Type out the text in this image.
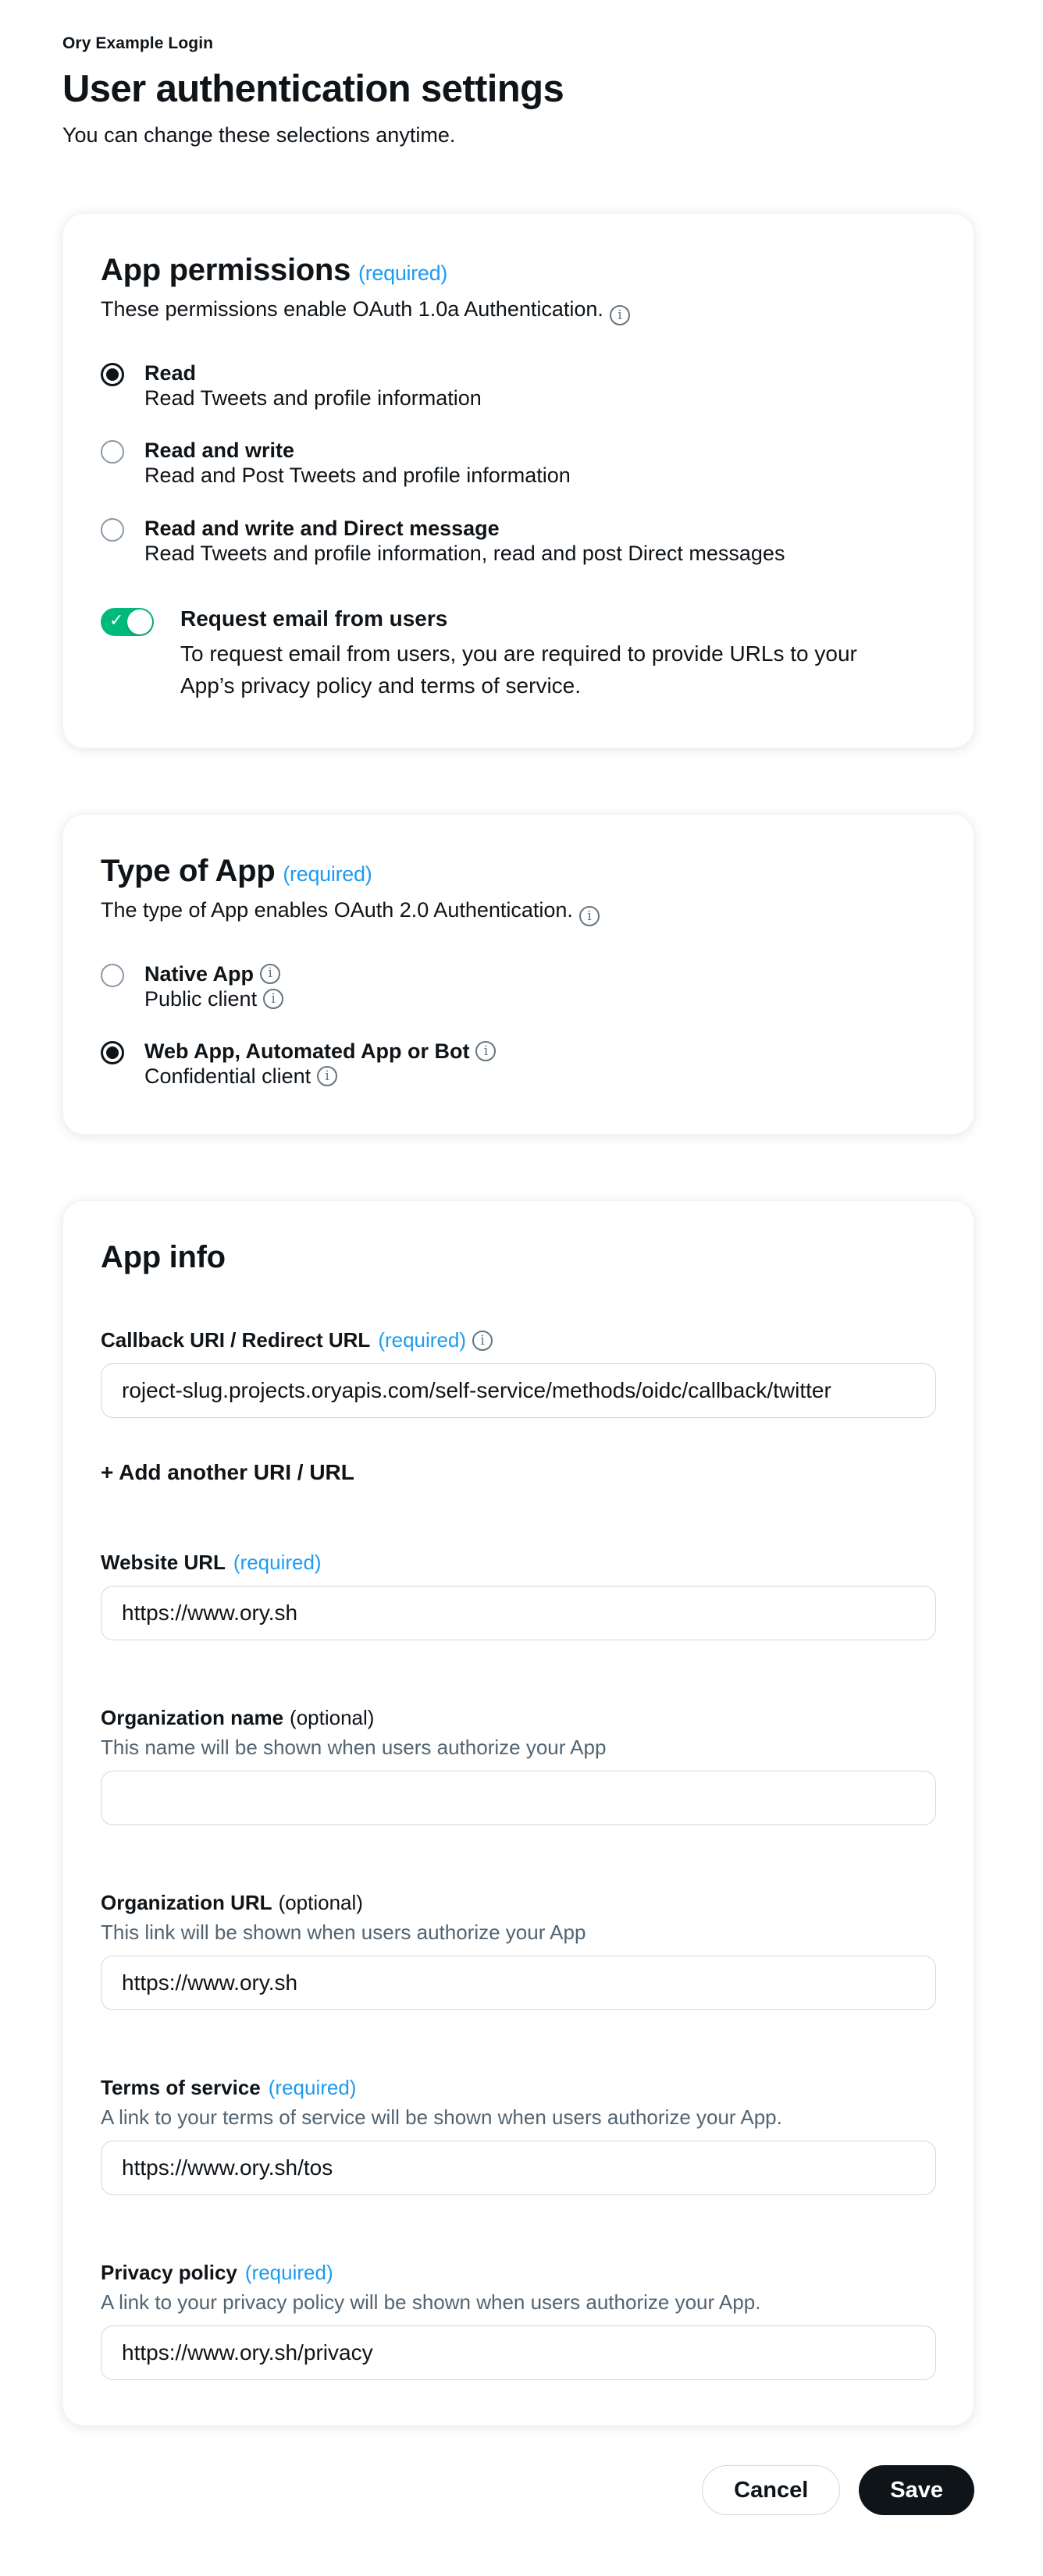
Ory Example Login
User authentication settings

You can change these selections anytime.

App permissions (required)

These permissions enable OAuth 1.0a Authentication. i

Read
Read Tweets and profile information
Read and write
Read and Post Tweets and profile information
Read and write and Direct message
Read Tweets and profile information, read and post Direct messages
✓	Request email from users
To request email from users, you are required to provide URLs to your App’s privacy policy and terms of service.
Type of App (required)

The type of App enables OAuth 2.0 Authentication. i

Native App	i
Public client	i
Web App, Automated App or Bot	i
Confidential client	i
App info
Callback URI / Redirect URL (required)	i
roject-slug.projects.oryapis.com/self-service/methods/oidc/callback/twitter
+ Add another URI / URL
Website URL (required)
https://www.ory.sh
Organization name (optional)
This name will be shown when users authorize your App
Organization URL (optional)
This link will be shown when users authorize your App
https://www.ory.sh
Terms of service (required)
A link to your terms of service will be shown when users authorize your App.
https://www.ory.sh/tos
Privacy policy (required)
A link to your privacy policy will be shown when users authorize your App.
https://www.ory.sh/privacy
Cancel	Save
